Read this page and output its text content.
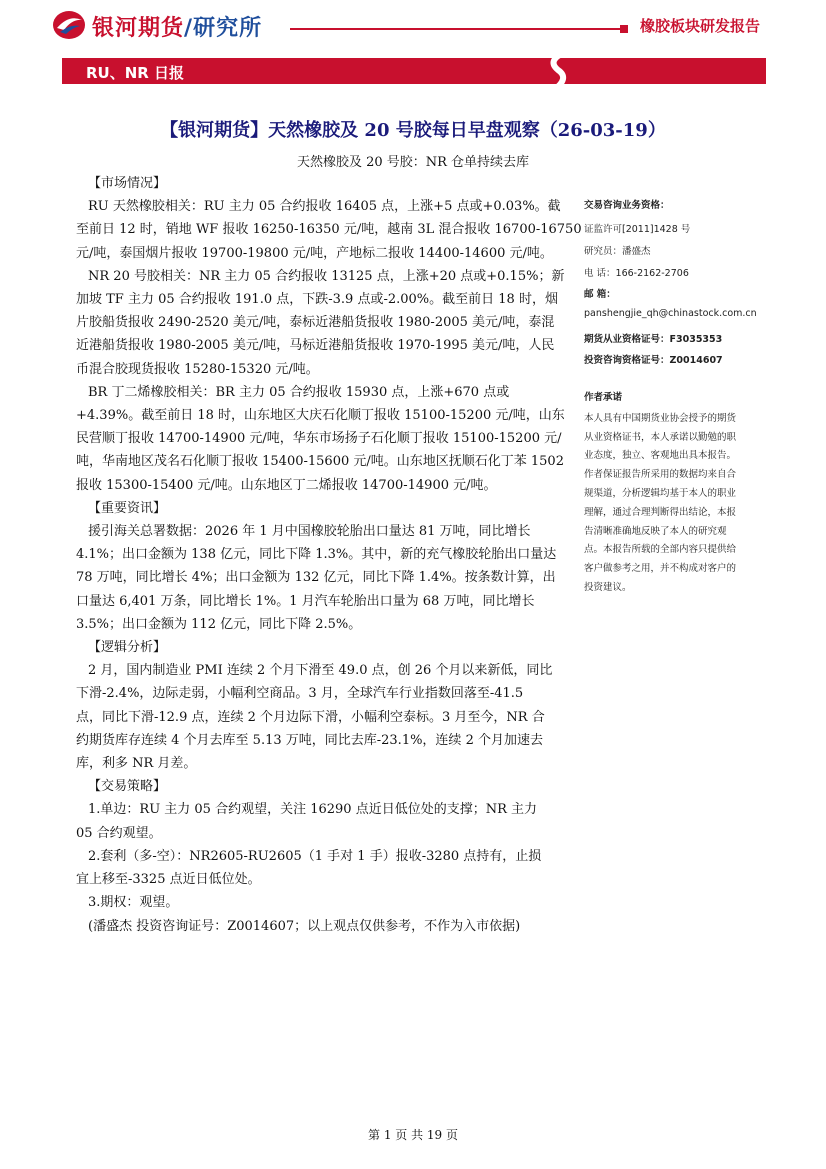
银河期货/研究所	橡胶板块研发报告
RU、NR 日报
【银河期货】天然橡胶及 20 号胶每日早盘观察（26-03-19）
天然橡胶及 20 号胶：NR 仓单持续去库

【市场情况】

RU 天然橡胶相关：RU 主力 05 合约报收 16405 点，上涨+5 点或+0.03%。截

至前日 12 时，销地 WF 报收 16250-16350 元/吨，越南 3L 混合报收 16700-16750

元/吨，泰国烟片报收 19700-19800 元/吨，产地标二报收 14400-14600 元/吨。

NR 20 号胶相关：NR 主力 05 合约报收 13125 点，上涨+20 点或+0.15%；新

加坡 TF 主力 05 合约报收 191.0 点，下跌-3.9 点或-2.00%。截至前日 18 时，烟

片胶船货报收 2490-2520 美元/吨，泰标近港船货报收 1980-2005 美元/吨，泰混

近港船货报收 1980-2005 美元/吨，马标近港船货报收 1970-1995 美元/吨，人民

币混合胶现货报收 15280-15320 元/吨。

BR 丁二烯橡胶相关：BR 主力 05 合约报收 15930 点，上涨+670 点或

+4.39%。截至前日 18 时，山东地区大庆石化顺丁报收 15100-15200 元/吨，山东

民营顺丁报收 14700-14900 元/吨，华东市场扬子石化顺丁报收 15100-15200 元/

吨，华南地区茂名石化顺丁报收 15400-15600 元/吨。山东地区抚顺石化丁苯 1502

报收 15300-15400 元/吨。山东地区丁二烯报收 14700-14900 元/吨。

【重要资讯】

援引海关总署数据：2026 年 1 月中国橡胶轮胎出口量达 81 万吨，同比增长

4.1%；出口金额为 138 亿元，同比下降 1.3%。其中，新的充气橡胶轮胎出口量达

78 万吨，同比增长 4%；出口金额为 132 亿元，同比下降 1.4%。按条数计算，出

口量达 6,401 万条，同比增长 1%。1 月汽车轮胎出口量为 68 万吨，同比增长

3.5%；出口金额为 112 亿元，同比下降 2.5%。

【逻辑分析】

2 月，国内制造业 PMI 连续 2 个月下滑至 49.0 点，创 26 个月以来新低，同比

下滑-2.4%，边际走弱，小幅利空商品。3 月，全球汽车行业指数回落至-41.5

点，同比下滑-12.9 点，连续 2 个月边际下滑，小幅利空泰标。3 月至今，NR 合

约期货库存连续 4 个月去库至 5.13 万吨，同比去库-23.1%，连续 2 个月加速去

库，利多 NR 月差。

【交易策略】

1.单边：RU 主力 05 合约观望，关注 16290 点近日低位处的支撑；NR 主力

05 合约观望。

2.套利（多-空）：NR2605-RU2605（1 手对 1 手）报收-3280 点持有，止损

宜上移至-3325 点近日低位处。

3.期权：观望。

(潘盛杰 投资咨询证号：Z0014607；以上观点仅供参考，不作为入市依据)

交易咨询业务资格：
证监许可[2011]1428 号
研究员：潘盛杰
电 话：166-2162-2706
邮 箱：
panshengjie_qh@chinastock.com.cn
期货从业资格证号：F3035353
投资咨询资格证号：Z0014607
作者承诺
本人具有中国期货业协会授予的期货
从业资格证书，本人承诺以勤勉的职
业态度，独立、客观地出具本报告。
作者保证报告所采用的数据均来自合
规渠道，分析逻辑均基于本人的职业
理解，通过合理判断得出结论，本报
告清晰准确地反映了本人的研究观
点。本报告所载的全部内容只提供给
客户做参考之用，并不构成对客户的
投资建议。
第 1 页 共 19 页
